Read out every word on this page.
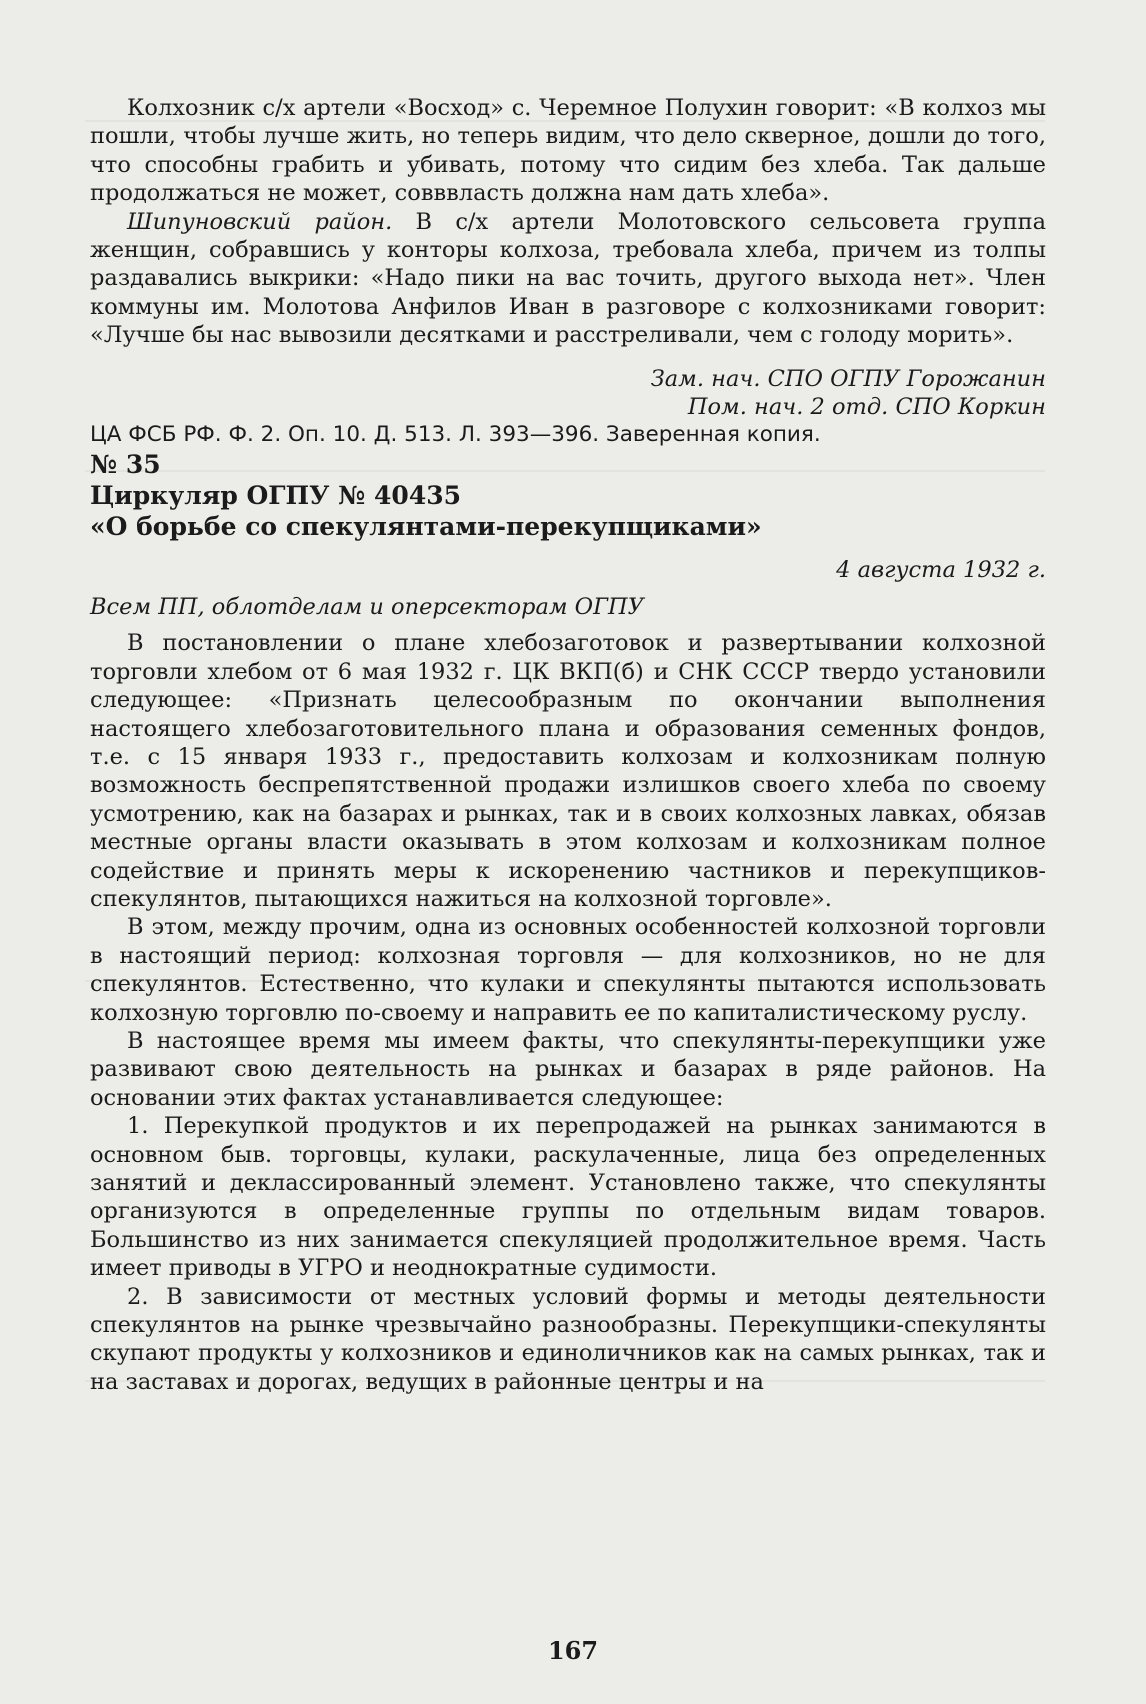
Колхозник с/х артели «Восход» с. Черемное Полухин говорит: «В колхоз мы пошли, чтобы лучше жить, но теперь видим, что дело скверное, дошли до того, что способны грабить и убивать, потому что сидим без хлеба. Так дальше продолжаться не может, совввласть должна нам дать хлеба».

Шипуновский район. В с/х артели Молотовского сельсовета группа женщин, собравшись у конторы колхоза, требовала хлеба, причем из толпы раздавались выкрики: «Надо пики на вас точить, другого выхода нет». Член коммуны им. Молотова Анфилов Иван в разговоре с колхозниками говорит: «Лучше бы нас вывозили десятками и расстреливали, чем с голоду морить».

Зам. нач. СПО ОГПУ Горожанин

Пом. нач. 2 отд. СПО Коркин

ЦА ФСБ РФ. Ф. 2. Оп. 10. Д. 513. Л. 393—396. Заверенная копия.

№ 35

Циркуляр ОГПУ № 40435

«О борьбе со спекулянтами-перекупщиками»

4 августа 1932 г.

Всем ПП, облотделам и оперсекторам ОГПУ

В постановлении о плане хлебозаготовок и развертывании колхозной торговли хлебом от 6 мая 1932 г. ЦК ВКП(б) и СНК СССР твердо установили следующее: «Признать целесообразным по окончании выполнения настоящего хлебозаготовительного плана и образования семенных фондов, т.е. с 15 января 1933 г., предоставить колхозам и колхозникам полную возможность беспрепятственной продажи излишков своего хлеба по своему усмотрению, как на базарах и рынках, так и в своих колхозных лавках, обязав местные органы власти оказывать в этом колхозам и колхозникам полное содействие и принять меры к искоренению частников и перекупщиков-спекулянтов, пытающихся нажиться на колхозной торговле».

В этом, между прочим, одна из основных особенностей колхозной торговли в настоящий период: колхозная торговля — для колхозников, но не для спекулянтов. Естественно, что кулаки и спекулянты пытаются использовать колхозную торговлю по-своему и направить ее по капиталистическому руслу.

В настоящее время мы имеем факты, что спекулянты-перекупщики уже развивают свою деятельность на рынках и базарах в ряде районов. На основании этих фактах устанавливается следующее:

1. Перекупкой продуктов и их перепродажей на рынках занимаются в основном быв. торговцы, кулаки, раскулаченные, лица без определенных занятий и деклассированный элемент. Установлено также, что спекулянты организуются в определенные группы по отдельным видам товаров. Большинство из них занимается спекуляцией продолжительное время. Часть имеет приводы в УГРО и неоднократные судимости.

2. В зависимости от местных условий формы и методы деятельности спекулянтов на рынке чрезвычайно разнообразны. Перекупщики-спекулянты скупают продукты у колхозников и единоличников как на самых рынках, так и на заставах и дорогах, ведущих в районные центры и на

167
